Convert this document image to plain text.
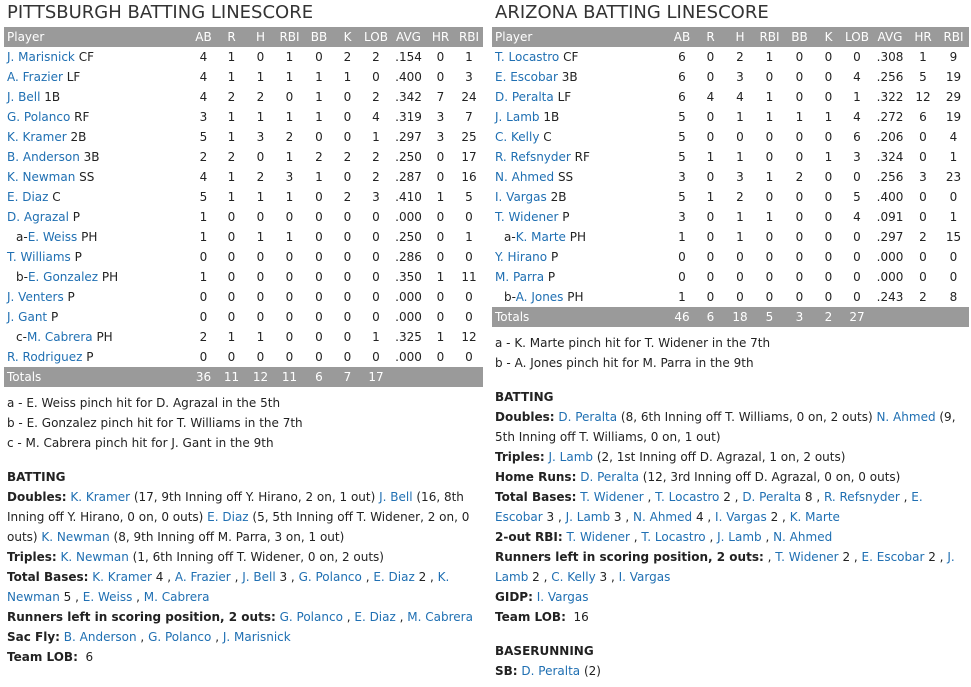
PITTSBURGH BATTING LINESCORE
Player	AB	R	H	RBI	BB	K	LOB	AVG	HR	RBI
J. Marisnick CF	4	1	0	1	0	2	2	.154	0	1
A. Frazier LF	4	1	1	1	1	1	0	.400	0	3
J. Bell 1B	4	2	2	0	1	0	2	.342	7	24
G. Polanco RF	3	1	1	1	1	0	4	.319	3	7
K. Kramer 2B	5	1	3	2	0	0	1	.297	3	25
B. Anderson 3B	2	2	0	1	2	2	2	.250	0	17
K. Newman SS	4	1	2	3	1	0	2	.287	0	16
E. Diaz C	5	1	1	1	0	2	3	.410	1	5
D. Agrazal P	1	0	0	0	0	0	0	.000	0	0
a-E. Weiss PH	1	0	1	1	0	0	0	.250	0	1
T. Williams P	0	0	0	0	0	0	0	.286	0	0
b-E. Gonzalez PH	1	0	0	0	0	0	0	.350	1	11
J. Venters P	0	0	0	0	0	0	0	.000	0	0
J. Gant P	0	0	0	0	0	0	0	.000	0	0
c-M. Cabrera PH	2	1	1	0	0	0	1	.325	1	12
R. Rodriguez P	0	0	0	0	0	0	0	.000	0	0
Totals	36	11	12	11	6	7	17			
a - E. Weiss pinch hit for D. Agrazal in the 5th
b - E. Gonzalez pinch hit for T. Williams in the 7th
c - M. Cabrera pinch hit for J. Gant in the 9th
BATTING
Doubles: K. Kramer (17, 9th Inning off Y. Hirano, 2 on, 1 out) J. Bell (16, 8th Inning off Y. Hirano, 0 on, 0 outs) E. Diaz (5, 5th Inning off T. Widener, 2 on, 0 outs) K. Newman (8, 9th Inning off M. Parra, 3 on, 1 out)
Triples: K. Newman (1, 6th Inning off T. Widener, 0 on, 2 outs)
Total Bases: K. Kramer 4 , A. Frazier , J. Bell 3 , G. Polanco , E. Diaz 2 , K. Newman 5 , E. Weiss , M. Cabrera
Runners left in scoring position, 2 outs: G. Polanco , E. Diaz , M. Cabrera
Sac Fly: B. Anderson , G. Polanco , J. Marisnick
Team LOB: 6
ARIZONA BATTING LINESCORE
Player	AB	R	H	RBI	BB	K	LOB	AVG	HR	RBI
T. Locastro CF	6	0	2	1	0	0	0	.308	1	9
E. Escobar 3B	6	0	3	0	0	0	4	.256	5	19
D. Peralta LF	6	4	4	1	0	0	1	.322	12	29
J. Lamb 1B	5	0	1	1	1	1	4	.272	6	19
C. Kelly C	5	0	0	0	0	0	6	.206	0	4
R. Refsnyder RF	5	1	1	0	0	1	3	.324	0	1
N. Ahmed SS	3	0	3	1	2	0	0	.256	3	23
I. Vargas 2B	5	1	2	0	0	0	5	.400	0	0
T. Widener P	3	0	1	1	0	0	4	.091	0	1
a-K. Marte PH	1	0	1	0	0	0	0	.297	2	15
Y. Hirano P	0	0	0	0	0	0	0	.000	0	0
M. Parra P	0	0	0	0	0	0	0	.000	0	0
b-A. Jones PH	1	0	0	0	0	0	0	.243	2	8
Totals	46	6	18	5	3	2	27			
a - K. Marte pinch hit for T. Widener in the 7th
b - A. Jones pinch hit for M. Parra in the 9th
BATTING
Doubles: D. Peralta (8, 6th Inning off T. Williams, 0 on, 2 outs) N. Ahmed (9, 5th Inning off T. Williams, 0 on, 1 out)
Triples: J. Lamb (2, 1st Inning off D. Agrazal, 1 on, 2 outs)
Home Runs: D. Peralta (12, 3rd Inning off D. Agrazal, 0 on, 0 outs)
Total Bases: T. Widener , T. Locastro 2 , D. Peralta 8 , R. Refsnyder , E. Escobar 3 , J. Lamb 3 , N. Ahmed 4 , I. Vargas 2 , K. Marte
2-out RBI: T. Widener , T. Locastro , J. Lamb , N. Ahmed
Runners left in scoring position, 2 outs: , T. Widener 2 , E. Escobar 2 , J. Lamb 2 , C. Kelly 3 , I. Vargas
GIDP: I. Vargas
Team LOB: 16
BASERUNNING
SB: D. Peralta (2)
